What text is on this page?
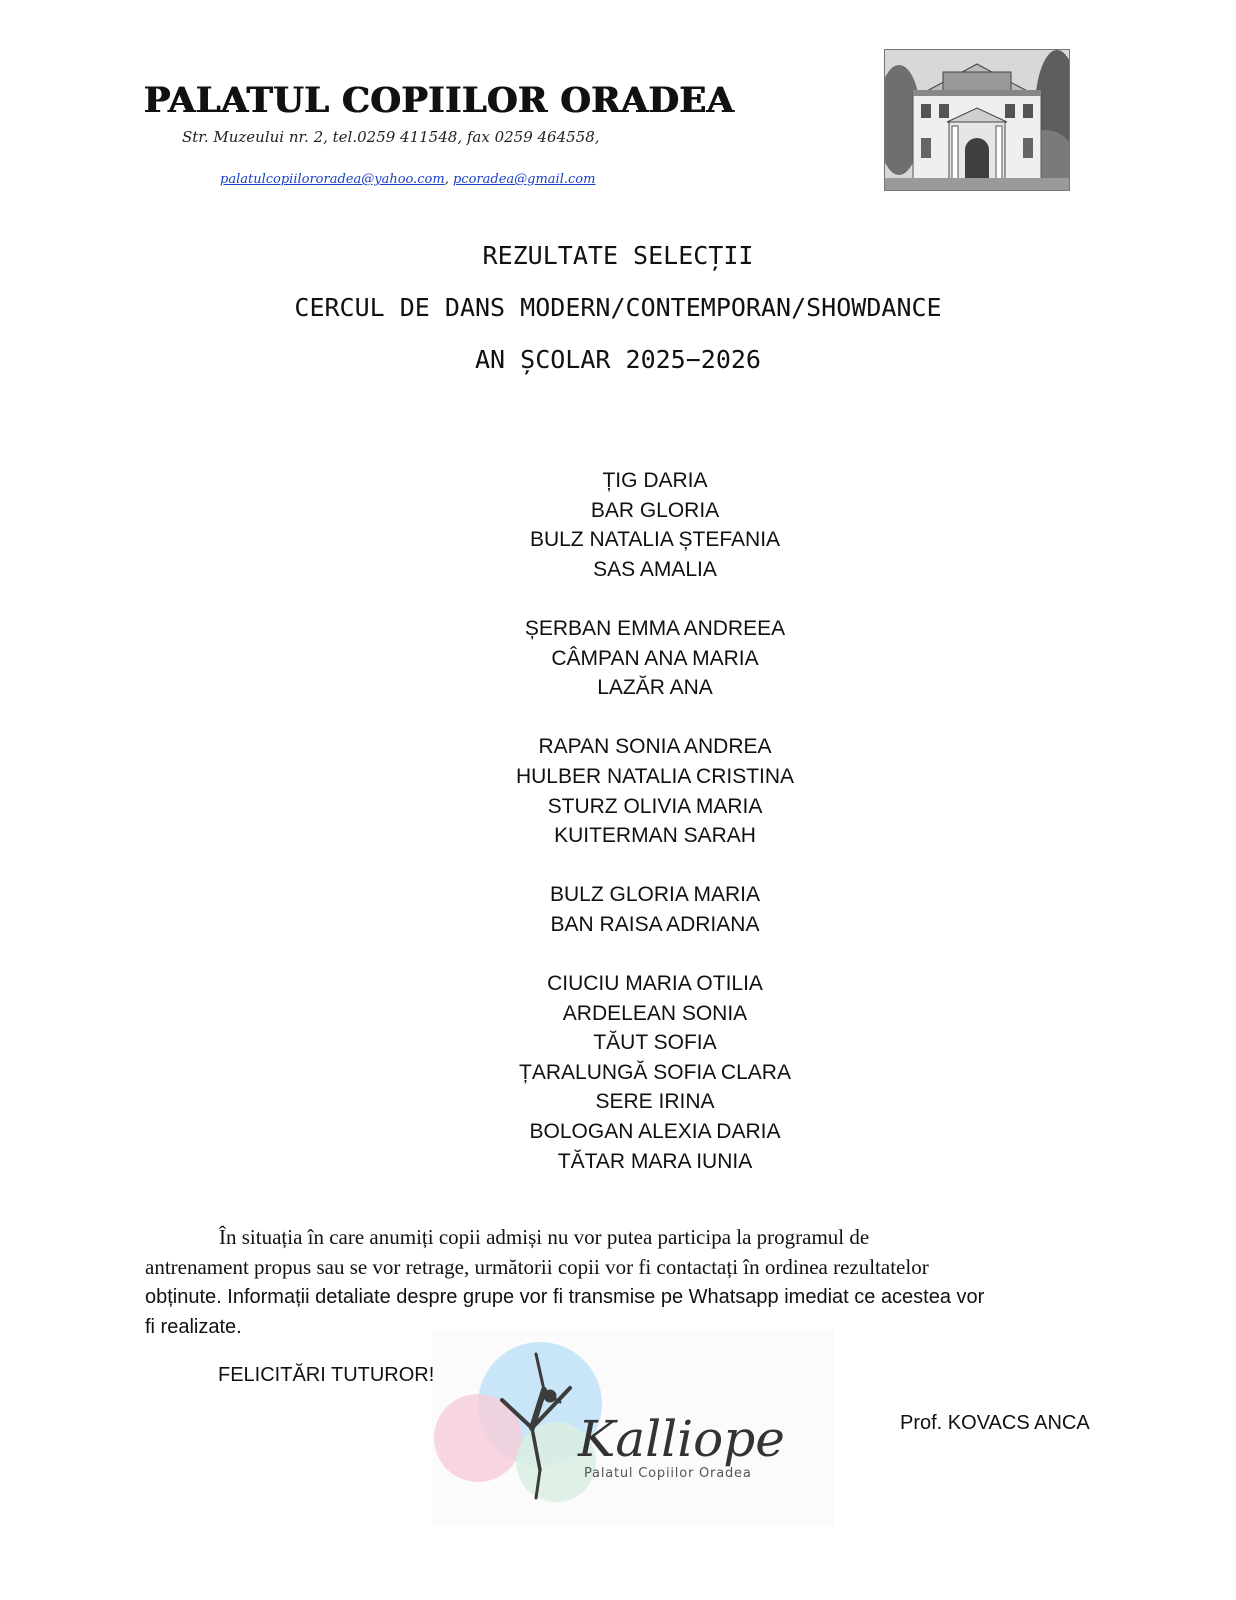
PALATUL COPIILOR ORADEA
Str. Muzeului nr. 2, tel.0259 411548, fax 0259 464558,
palatulcopiilororadea@yahoo.com, pcoradea@gmail.com
REZULTATE SELECȚII
CERCUL DE DANS MODERN/CONTEMPORAN/SHOWDANCE
AN ȘCOLAR 2025−2026
ȚIG DARIA
BAR GLORIA
BULZ NATALIA ȘTEFANIA
SAS AMALIA
ȘERBAN EMMA ANDREEA
CÂMPAN ANA MARIA
LAZĂR ANA
RAPAN SONIA ANDREA
HULBER NATALIA CRISTINA
STURZ OLIVIA MARIA
KUITERMAN SARAH
BULZ GLORIA MARIA
BAN RAISA ADRIANA
CIUCIU MARIA OTILIA
ARDELEAN SONIA
TĂUT SOFIA
ȚARALUNGĂ SOFIA CLARA
SERE IRINA
BOLOGAN ALEXIA DARIA
TĂTAR MARA IUNIA
În situația în care anumiți copii admiși nu vor putea participa la programul de
antrenament propus sau se vor retrage, următorii copii vor fi contactați în ordinea rezultatelor
obținute. Informații detaliate despre grupe vor fi transmise pe Whatsapp imediat ce acestea vor
fi realizate.
Kalliope
Palatul Copiilor Oradea
FELICITĂRI TUTUROR!
Prof. KOVACS ANCA
